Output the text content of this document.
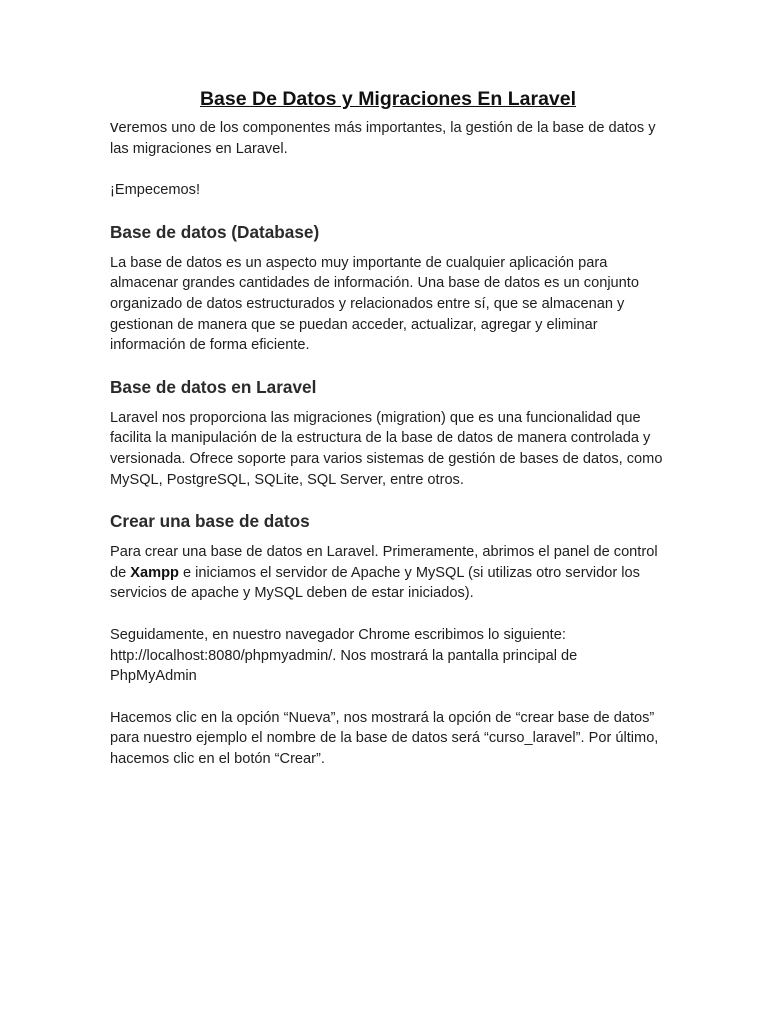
Base De Datos y Migraciones En Laravel

veremos uno de los componentes más importantes, la gestión de la base de datos y las migraciones en Laravel.

¡Empecemos!

Base de datos (Database)

La base de datos es un aspecto muy importante de cualquier aplicación para almacenar grandes cantidades de información. Una base de datos es un conjunto organizado de datos estructurados y relacionados entre sí, que se almacenan y gestionan de manera que se puedan acceder, actualizar, agregar y eliminar información de forma eficiente.

Base de datos en Laravel

Laravel nos proporciona las migraciones (migration) que es una funcionalidad que facilita la manipulación de la estructura de la base de datos de manera controlada y versionada. Ofrece soporte para varios sistemas de gestión de bases de datos, como MySQL, PostgreSQL, SQLite, SQL Server, entre otros.

Crear una base de datos

Para crear una base de datos en Laravel. Primeramente, abrimos el panel de control de Xampp e iniciamos el servidor de Apache y MySQL (si utilizas otro servidor los servicios de apache y MySQL deben de estar iniciados).

Seguidamente, en nuestro navegador Chrome escribimos lo siguiente: http://localhost:8080/phpmyadmin/. Nos mostrará la pantalla principal de PhpMyAdmin

Hacemos clic en la opción “Nueva”, nos mostrará la opción de “crear base de datos” para nuestro ejemplo el nombre de la base de datos será “curso_laravel”. Por último, hacemos clic en el botón “Crear”.
